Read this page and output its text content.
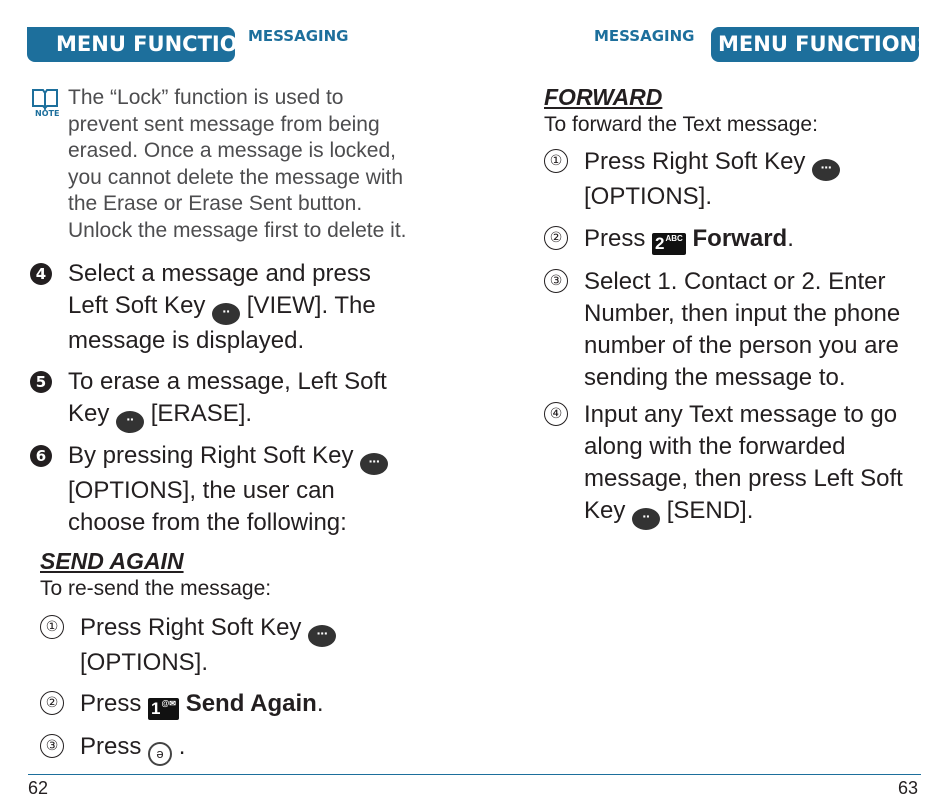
MENU FUNCTIONS
MESSAGING	MESSAGING	MENU FUNCTIONS
NOTE
The “Lock” function is used to prevent sent message from being erased. Once a message is locked, you cannot delete the message with the Erase or Erase Sent button. Unlock the message first to delete it.
4 Select a message and press Left Soft Key ·· [VIEW]. The message is displayed.
5 To erase a message, Left Soft Key ·· [ERASE].
6 By pressing Right Soft Key ··· [OPTIONS], the user can choose from the following:
SEND AGAIN
To re-send the message:
① Press Right Soft Key ··· [OPTIONS].
② Press 1@✉ Send Again.
③ Press ə .
FORWARD
To forward the Text message:
① Press Right Soft Key ··· [OPTIONS].
② Press $2^{ABC}$ Forward.
③ Select 1. Contact or 2. Enter Number, then input the phone number of the person you are sending the message to.
④ Input any Text message to go along with the forwarded message, then press Left Soft Key ·· [SEND].
62	63
